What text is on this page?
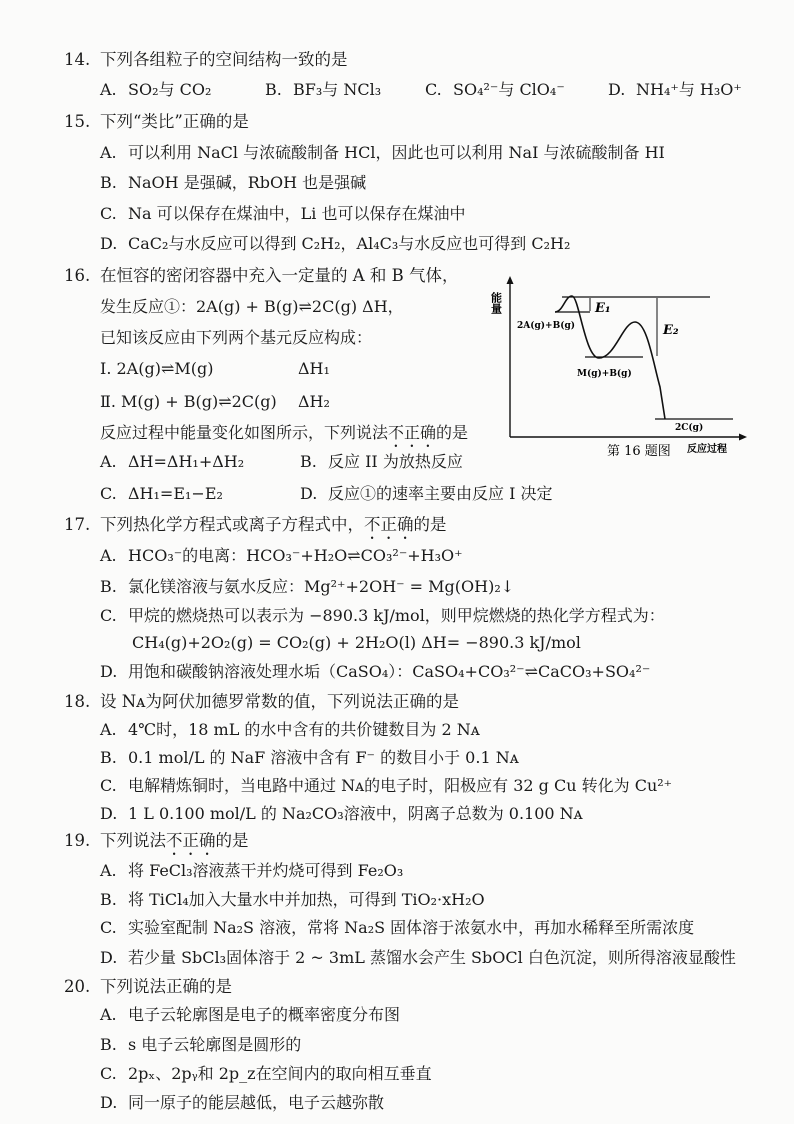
14. 下列各组粒子的空间结构一致的是
A. SO₂与 CO₂	B. BF₃与 NCl₃	C. SO₄²⁻与 ClO₄⁻	D. NH₄⁺与 H₃O⁺
15. 下列“类比”正确的是
A. 可以利用 NaCl 与浓硫酸制备 HCl，因此也可以利用 NaI 与浓硫酸制备 HI
B. NaOH 是强碱，RbOH 也是强碱
C. Na 可以保存在煤油中，Li 也可以保存在煤油中
D. CaC₂与水反应可以得到 C₂H₂，Al₄C₃与水反应也可得到 C₂H₂
16. 在恒容的密闭容器中充入一定量的 A 和 B 气体，
发生反应①：2A(g) + B(g)⇌2C(g) ΔH，
已知该反应由下列两个基元反应构成：
Ⅰ. 2A(g)⇌M(g)	ΔH₁
Ⅱ. M(g) + B(g)⇌2C(g) ΔH₂
反应过程中能量变化如图所示，下列说法不正确的是
A. ΔH=ΔH₁+ΔH₂	B. 反应 II 为放热反应
C. ΔH₁=E₁−E₂	D. 反应①的速率主要由反应 I 决定
能量	E₁
E₂
2A(g)+B(g)
M(g)+B(g)
2C(g)
第 16 题图 反应过程
17. 下列热化学方程式或离子方程式中，不正确的是
A. HCO₃⁻的电离：HCO₃⁻+H₂O⇌CO₃²⁻+H₃O⁺
B. 氯化镁溶液与氨水反应：Mg²⁺+2OH⁻ = Mg(OH)₂↓
C. 甲烷的燃烧热可以表示为 −890.3 kJ/mol，则甲烷燃烧的热化学方程式为：
CH₄(g)+2O₂(g) = CO₂(g) + 2H₂O(l) ΔH= −890.3 kJ/mol
D. 用饱和碳酸钠溶液处理水垢（CaSO₄）：CaSO₄+CO₃²⁻⇌CaCO₃+SO₄²⁻
18. 设 Nᴀ为阿伏加德罗常数的值，下列说法正确的是
A. 4℃时，18 mL 的水中含有的共价键数目为 2 Nᴀ
B. 0.1 mol/L 的 NaF 溶液中含有 F⁻ 的数目小于 0.1 Nᴀ
C. 电解精炼铜时，当电路中通过 Nᴀ的电子时，阳极应有 32 g Cu 转化为 Cu²⁺
D. 1 L 0.100 mol/L 的 Na₂CO₃溶液中，阴离子总数为 0.100 Nᴀ
19. 下列说法不正确的是
A. 将 FeCl₃溶液蒸干并灼烧可得到 Fe₂O₃
B. 将 TiCl₄加入大量水中并加热，可得到 TiO₂·xH₂O
C. 实验室配制 Na₂S 溶液，常将 Na₂S 固体溶于浓氨水中，再加水稀释至所需浓度
D. 若少量 SbCl₃固体溶于 2 ~ 3mL 蒸馏水会产生 SbOCl 白色沉淀，则所得溶液显酸性
20. 下列说法正确的是
A. 电子云轮廓图是电子的概率密度分布图
B. s 电子云轮廓图是圆形的
C. 2pₓ、2pᵧ和 2p_z在空间内的取向相互垂直
D. 同一原子的能层越低，电子云越弥散
